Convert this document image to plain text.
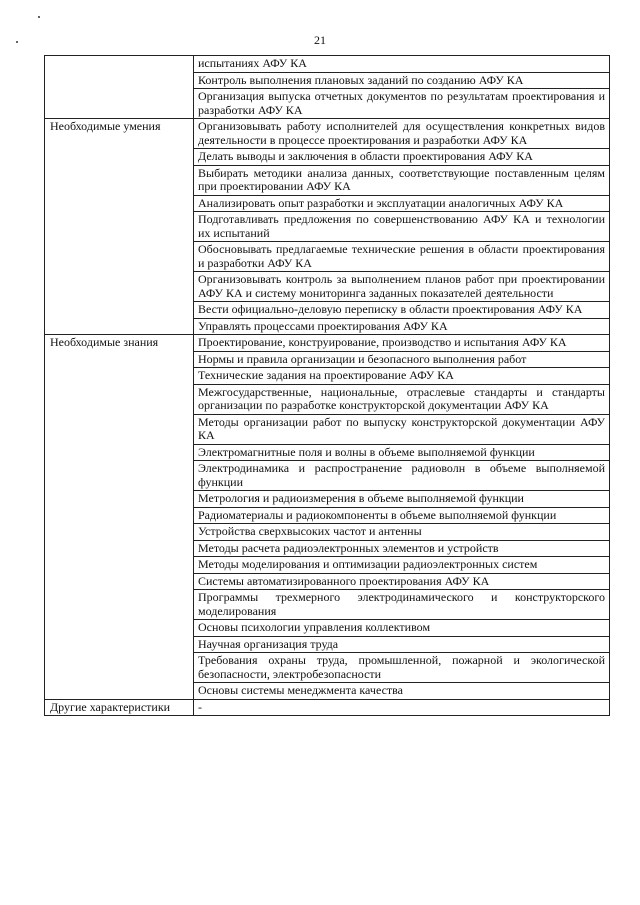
21
	испытаниях АФУ КА
	Контроль выполнения плановых заданий по созданию АФУ КА
	Организация выпуска отчетных документов по результатам проектирования и разработки АФУ КА
Необходимые умения	Организовывать работу исполнителей для осуществления конкретных видов деятельности в процессе проектирования и разработки АФУ КА
	Делать выводы и заключения в области проектирования АФУ КА
	Выбирать методики анализа данных, соответствующие поставленным целям при проектировании АФУ КА
	Анализировать опыт разработки и эксплуатации аналогичных АФУ КА
	Подготавливать предложения по совершенствованию АФУ КА и технологии их испытаний
	Обосновывать предлагаемые технические решения в области проектирования и разработки АФУ КА
	Организовывать контроль за выполнением планов работ при проектировании АФУ КА и систему мониторинга заданных показателей деятельности
	Вести официально-деловую переписку в области проектирования АФУ КА
	Управлять процессами проектирования АФУ КА
Необходимые знания	Проектирование, конструирование, производство и испытания АФУ КА
	Нормы и правила организации и безопасного выполнения работ
	Технические задания на проектирование АФУ КА
	Межгосударственные, национальные, отраслевые стандарты и стандарты организации по разработке конструкторской документации АФУ КА
	Методы организации работ по выпуску конструкторской документации АФУ КА
	Электромагнитные поля и волны в объеме выполняемой функции
	Электродинамика и распространение радиоволн в объеме выполняемой функции
	Метрология и радиоизмерения в объеме выполняемой функции
	Радиоматериалы и радиокомпоненты в объеме выполняемой функции
	Устройства сверхвысоких частот и антенны
	Методы расчета радиоэлектронных элементов и устройств
	Методы моделирования и оптимизации радиоэлектронных систем
	Системы автоматизированного проектирования АФУ КА
	Программы трехмерного электродинамического и конструкторского моделирования
	Основы психологии управления коллективом
	Научная организация труда
	Требования охраны труда, промышленной, пожарной и экологической безопасности, электробезопасности
	Основы системы менеджмента качества
Другие характеристики	-
